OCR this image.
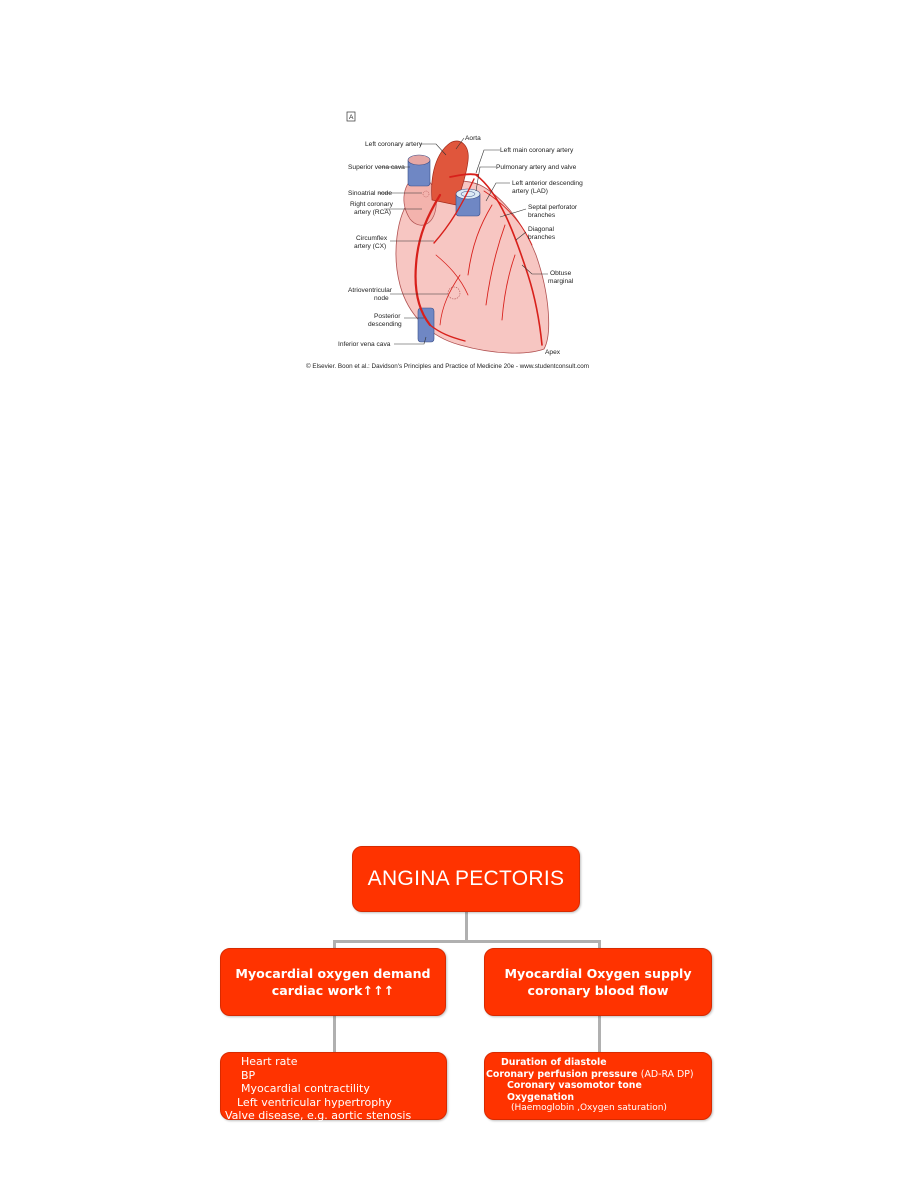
A
Left coronary artery
Aorta
Left main coronary artery
Superior vena cava	Pulmonary artery and valve
Sinoatrial node
Left anterior descending
artery (LAD)
Right coronary
artery (RCA)
Septal perforator
branches
Diagonal
branches
Circumflex
artery (CX)
Obtuse
marginal
Atrioventricular
node
Posterior
descending
Inferior vena cava
Apex
© Elsevier. Boon et al.: Davidson's Principles and Practice of Medicine 20e - www.studentconsult.com
ANGINA PECTORIS
Myocardial oxygen demand
cardiac work↑↑↑
Myocardial Oxygen supply
coronary blood flow
Heart rate
BP
Myocardial contractility
Left ventricular hypertrophy
Valve disease, e.g. aortic stenosis
Duration of diastole
Coronary perfusion pressure (AD-RA DP)
Coronary vasomotor tone
Oxygenation
(Haemoglobin ,Oxygen saturation)
